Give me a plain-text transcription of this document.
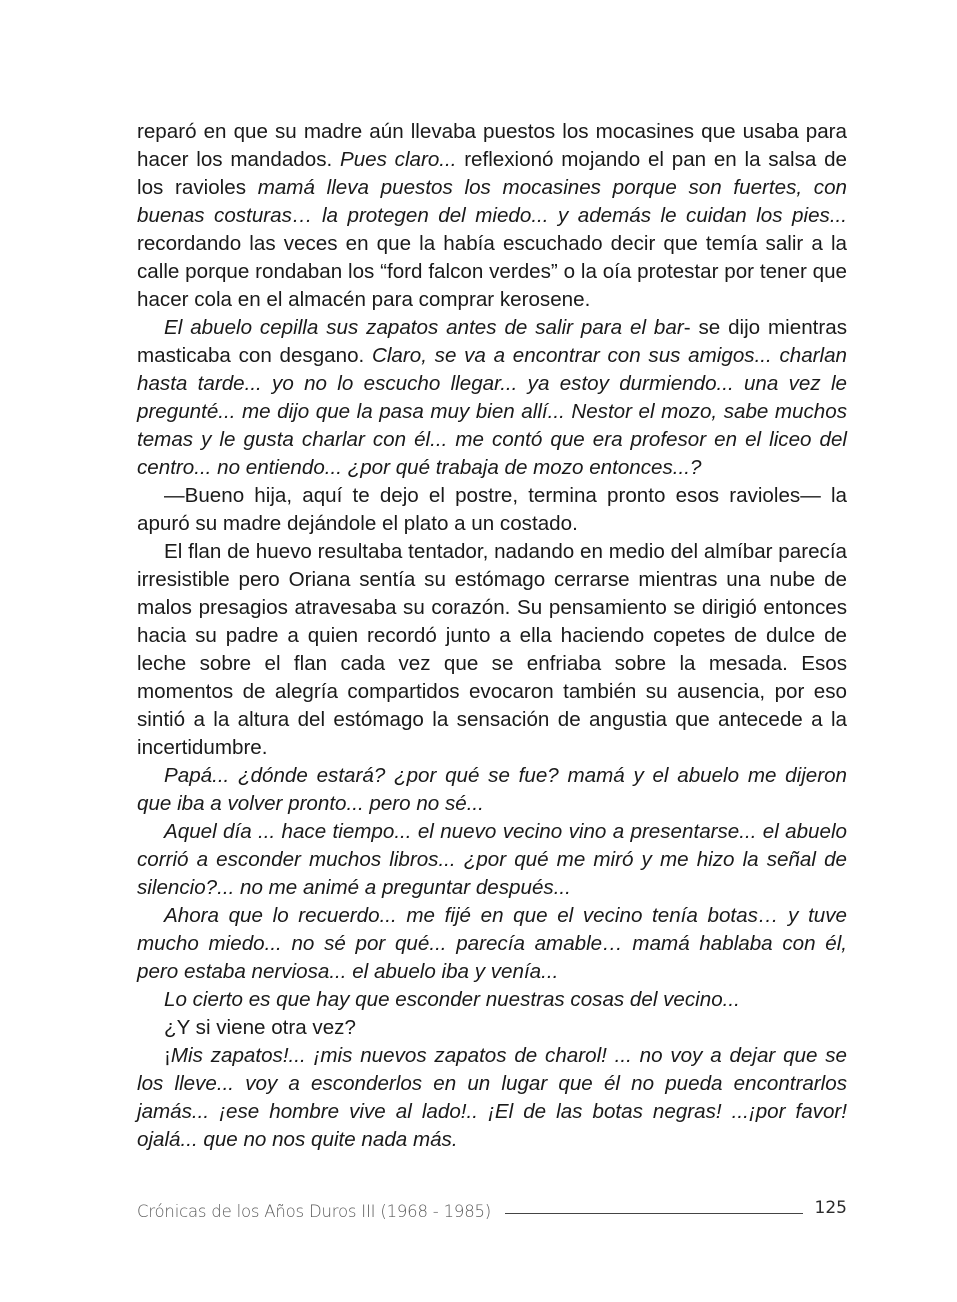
reparó en que su madre aún llevaba puestos los mocasines que usaba para hacer los mandados. Pues claro... reflexionó mojando el pan en la salsa de los ravioles mamá lleva puestos los mocasines porque son fuertes, con buenas costuras… la protegen del miedo... y además le cuidan los pies... recordando las veces en que la había escuchado decir que temía salir a la calle porque rondaban los “ford falcon verdes” o la oía protestar por tener que hacer cola en el almacén para comprar kerosene.

El abuelo cepilla sus zapatos antes de salir para el bar- se dijo mientras masticaba con desgano. Claro, se va a encontrar con sus amigos... charlan hasta tarde... yo no lo escucho llegar... ya estoy durmiendo... una vez le pregunté... me dijo que la pasa muy bien allí... Nestor el mozo, sabe muchos temas y le gusta charlar con él... me contó que era profesor en el liceo del centro... no entiendo... ¿por qué trabaja de mozo entonces...?

—Bueno hija, aquí te dejo el postre, termina pronto esos ravioles— la apuró su madre dejándole el plato a un costado.

El flan de huevo resultaba tentador, nadando en medio del almíbar parecía irresistible pero Oriana sentía su estómago cerrarse mientras una nube de malos presagios atravesaba su corazón. Su pensamiento se dirigió entonces hacia su padre a quien recordó junto a ella haciendo copetes de dulce de leche sobre el flan cada vez que se enfriaba sobre la mesada. Esos momentos de alegría compartidos evocaron también su ausencia, por eso sintió a la altura del estómago la sensación de angustia que antecede a la incertidumbre.

Papá... ¿dónde estará? ¿por qué se fue? mamá y el abuelo me dijeron que iba a volver pronto... pero no sé...

Aquel día ... hace tiempo... el nuevo vecino vino a presentarse... el abuelo corrió a esconder muchos libros... ¿por qué me miró y me hizo la señal de silencio?... no me animé a preguntar después...

Ahora que lo recuerdo... me fijé en que el vecino tenía botas… y tuve mucho miedo... no sé por qué... parecía amable… mamá hablaba con él, pero estaba nerviosa... el abuelo iba y venía...

Lo cierto es que hay que esconder nuestras cosas del vecino...

¿Y si viene otra vez?

¡Mis zapatos!... ¡mis nuevos zapatos de charol! ... no voy a dejar que se los lleve... voy a esconderlos en un lugar que él no pueda encontrarlos jamás... ¡ese hombre vive al lado!.. ¡El de las botas negras! ...¡por favor! ojalá... que no nos quite nada más.

Crónicas de los Años Duros III (1968 - 1985)	125
